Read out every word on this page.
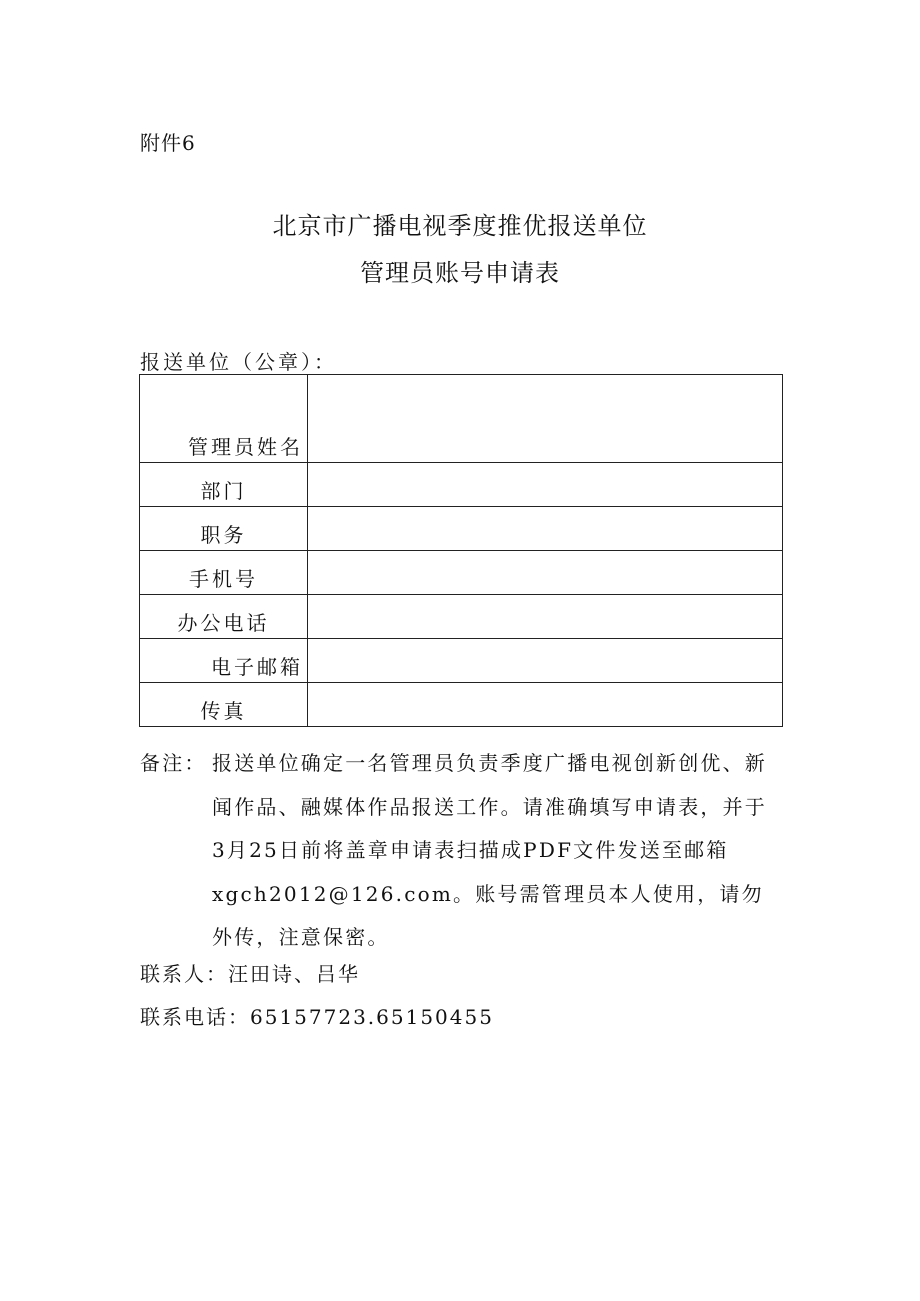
附件6
北京市广播电视季度推优报送单位
管理员账号申请表
报送单位（公章）：
管理员姓名	
部门	
职务	
手机号	
办公电话	
电子邮箱	
传真	
备注： 报送单位确定一名管理员负责季度广播电视创新创优、新闻作品、融媒体作品报送工作。请准确填写申请表，并于3月25日前将盖章申请表扫描成PDF文件发送至邮箱xgch2012@126.com。账号需管理员本人使用，请勿外传，注意保密。
联系人：汪田诗、吕华
联系电话：65157723.65150455
